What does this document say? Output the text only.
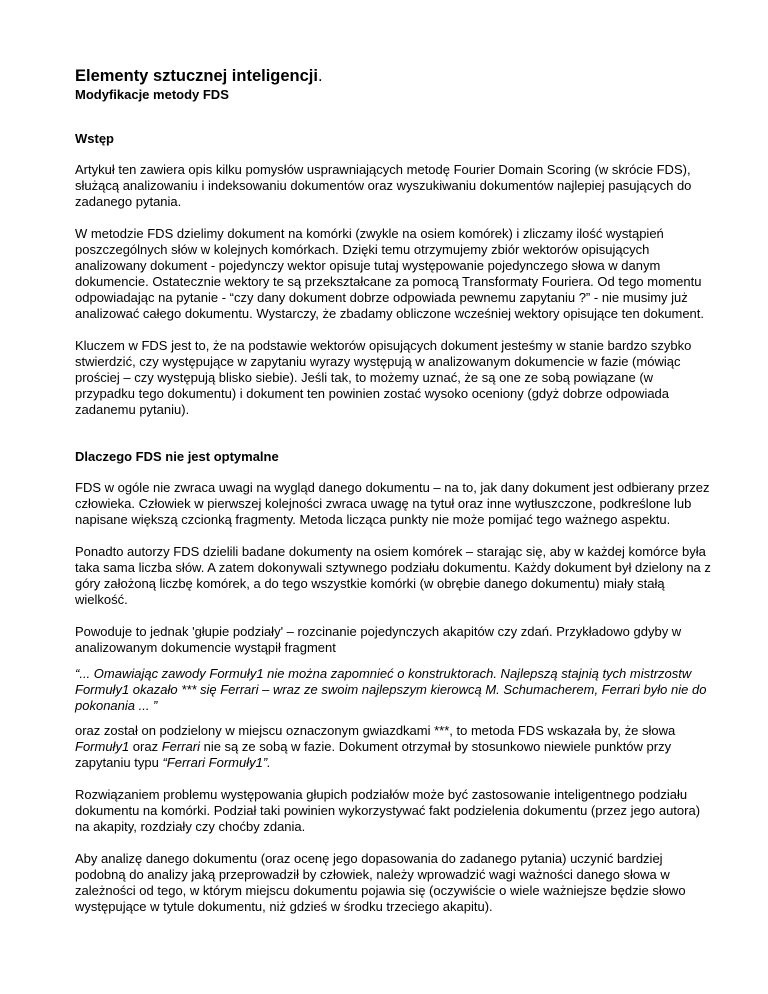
Elementy sztucznej inteligencji.
Modyfikacje metody FDS
Wstęp

Artykuł ten zawiera opis kilku pomysłów usprawniających metodę Fourier Domain Scoring (w skrócie FDS), służącą analizowaniu i indeksowaniu dokumentów oraz wyszukiwaniu dokumentów najlepiej pasujących do zadanego pytania.

W metodzie FDS dzielimy dokument na komórki (zwykle na osiem komórek) i zliczamy ilość wystąpień poszczególnych słów w kolejnych komórkach. Dzięki temu otrzymujemy zbiór wektorów opisujących analizowany dokument - pojedynczy wektor opisuje tutaj występowanie pojedynczego słowa w danym dokumencie. Ostatecznie wektory te są przekształcane za pomocą Transformaty Fouriera. Od tego momentu odpowiadając na pytanie - “czy dany dokument dobrze odpowiada pewnemu zapytaniu ?” - nie musimy już analizować całego dokumentu. Wystarczy, że zbadamy obliczone wcześniej wektory opisujące ten dokument.

Kluczem w FDS jest to, że na podstawie wektorów opisujących dokument jesteśmy w stanie bardzo szybko stwierdzić, czy występujące w zapytaniu wyrazy występują w analizowanym dokumencie w fazie (mówiąc prościej – czy występują blisko siebie). Jeśli tak, to możemy uznać, że są one ze sobą powiązane (w przypadku tego dokumentu) i dokument ten powinien zostać wysoko oceniony (gdyż dobrze odpowiada zadanemu pytaniu).

Dlaczego FDS nie jest optymalne

FDS w ogóle nie zwraca uwagi na wygląd danego dokumentu – na to, jak dany dokument jest odbierany przez człowieka. Człowiek w pierwszej kolejności zwraca uwagę na tytuł oraz inne wytłuszczone, podkreślone lub napisane większą czcionką fragmenty. Metoda licząca punkty nie może pomijać tego ważnego aspektu.

Ponadto autorzy FDS dzielili badane dokumenty na osiem komórek – starając się, aby w każdej komórce była taka sama liczba słów. A zatem dokonywali sztywnego podziału dokumentu. Każdy dokument był dzielony na z góry założoną liczbę komórek, a do tego wszystkie komórki (w obrębie danego dokumentu) miały stałą wielkość.

Powoduje to jednak 'głupie podziały' – rozcinanie pojedynczych akapitów czy zdań. Przykładowo gdyby w analizowanym dokumencie wystąpił fragment

“... Omawiając zawody Formuły1 nie można zapomnieć o konstruktorach. Najlepszą stajnią tych mistrzostw Formuły1 okazało *** się Ferrari – wraz ze swoim najlepszym kierowcą M. Schumacherem, Ferrari było nie do pokonania ... ”

oraz został on podzielony w miejscu oznaczonym gwiazdkami ***, to metoda FDS wskazała by, że słowa Formuły1 oraz Ferrari nie są ze sobą w fazie. Dokument otrzymał by stosunkowo niewiele punktów przy zapytaniu typu “Ferrari Formuły1”.

Rozwiązaniem problemu występowania głupich podziałów może być zastosowanie inteligentnego podziału dokumentu na komórki. Podział taki powinien wykorzystywać fakt podzielenia dokumentu (przez jego autora) na akapity, rozdziały czy choćby zdania.

Aby analizę danego dokumentu (oraz ocenę jego dopasowania do zadanego pytania) uczynić bardziej podobną do analizy jaką przeprowadził by człowiek, należy wprowadzić wagi ważności danego słowa w zależności od tego, w którym miejscu dokumentu pojawia się (oczywiście o wiele ważniejsze będzie słowo występujące w tytule dokumentu, niż gdzieś w środku trzeciego akapitu).
